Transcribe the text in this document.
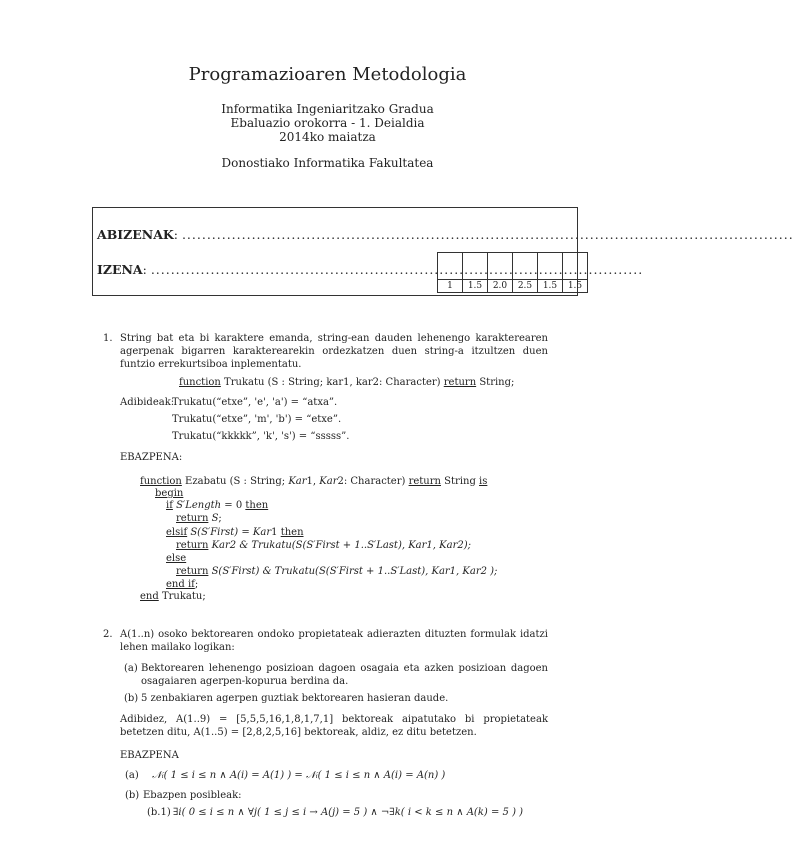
Programazioaren Metodologia
Informatika Ingeniaritzako Gradua
Ebaluazio orokorra - 1. Deialdia
2014ko maiatza
Donostiako Informatika Fakultatea
ABIZENAK: ...........................................................................................................................
IZENA: ...................................................................................................

1	1.5	2.0	2.5	1.5	1.5
1. String bat eta bi karaktere emanda, string-ean dauden lehenengo karakterearen agerpenak bigarren karakterearekin ordezkatzen duen string-a itzultzen duen funtzio errekurtsiboa inplementatu.
function Trukatu (S : String; kar1, kar2: Character) return String;
Adibideak:
Trukatu(“etxe”, 'e', 'a') = “atxa”.
Trukatu(“etxe”, 'm', 'b') = “etxe”.
Trukatu(“kkkkk”, 'k', 's') = “sssss”.
EBAZPENA:
function Ezabatu (S : String; Kar1, Kar2: Character) return String is
begin
if S′Length = 0 then
return S;
elsif S(S′First) = Kar1 then
return Kar2 & Trukatu(S(S′First + 1..S′Last), Kar1, Kar2);
else
return S(S′First) & Trukatu(S(S′First + 1..S′Last), Kar1, Kar2 );
end if;
end Trukatu;
2. A(1..n) osoko bektorearen ondoko propietateak adierazten dituzten formulak idatzi lehen mailako logikan:
(a) Bektorearen lehenengo posizioan dagoen osagaia eta azken posizioan dagoen osagaiaren agerpen-kopurua berdina da.
(b) 5 zenbakiaren agerpen guztiak bektorearen hasieran daude.
Adibidez, A(1..9) = [5,5,5,16,1,8,1,7,1] bektoreak aipatutako bi propietateak betetzen ditu, A(1..5) = [2,8,2,5,16] bektoreak, aldiz, ez ditu betetzen.
EBAZPENA
(a) 𝒩ᵢ( 1 ≤ i ≤ n ∧ A(i) = A(1) ) = 𝒩ᵢ( 1 ≤ i ≤ n ∧ A(i) = A(n) )
(b) Ebazpen posibleak:
(b.1) ∃i( 0 ≤ i ≤ n ∧ ∀j( 1 ≤ j ≤ i → A(j) = 5 ) ∧ ¬∃k( i < k ≤ n ∧ A(k) = 5 ) )
